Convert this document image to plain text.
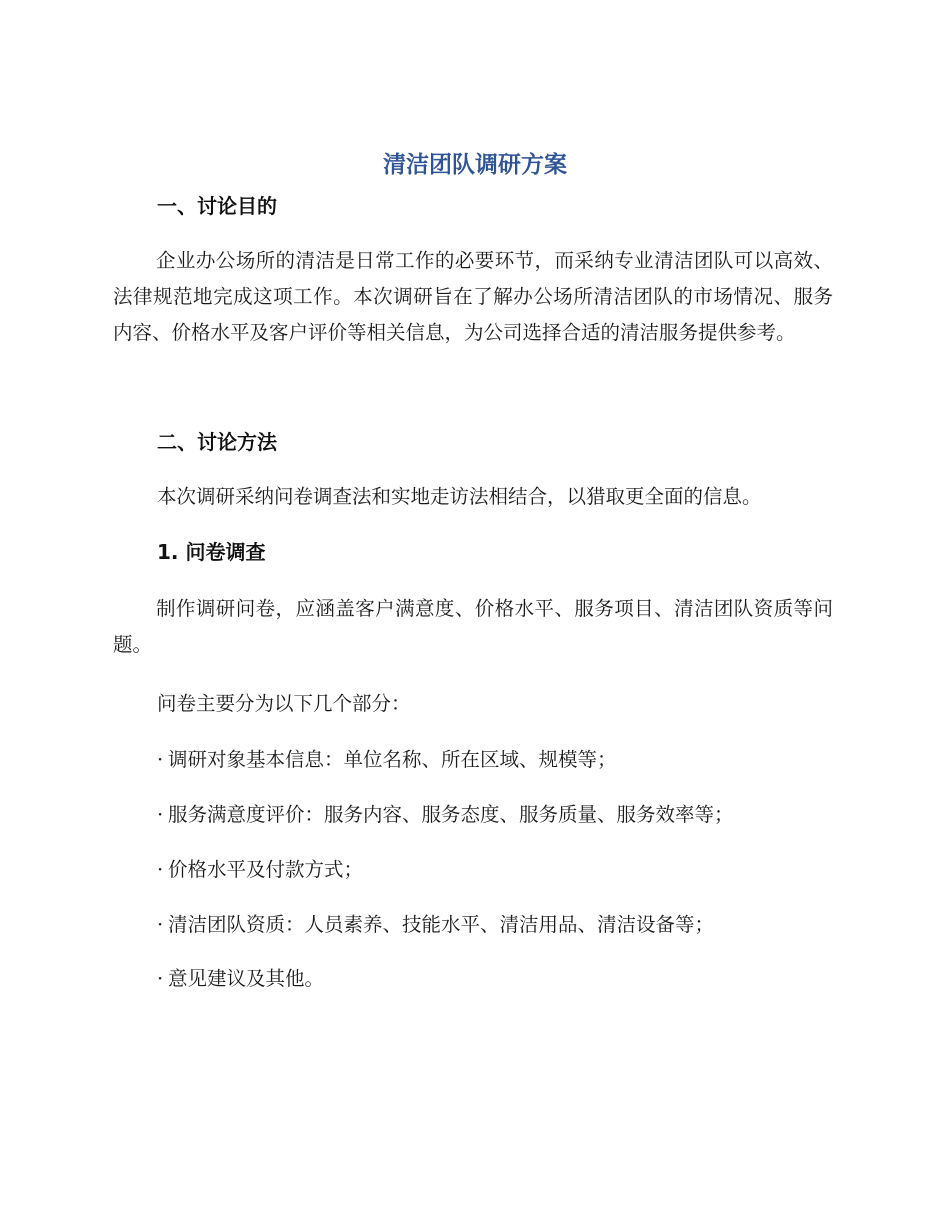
清洁团队调研方案
一、讨论目的
企业办公场所的清洁是日常工作的必要环节，而采纳专业清洁团队可以高效、法律规范地完成这项工作。本次调研旨在了解办公场所清洁团队的市场情况、服务内容、价格水平及客户评价等相关信息，为公司选择合适的清洁服务提供参考。
二、讨论方法
本次调研采纳问卷调查法和实地走访法相结合，以猎取更全面的信息。
1. 问卷调查
制作调研问卷，应涵盖客户满意度、价格水平、服务项目、清洁团队资质等问题。
问卷主要分为以下几个部分：
· 调研对象基本信息：单位名称、所在区域、规模等；
· 服务满意度评价：服务内容、服务态度、服务质量、服务效率等；
· 价格水平及付款方式；
· 清洁团队资质：人员素养、技能水平、清洁用品、清洁设备等；
· 意见建议及其他。
